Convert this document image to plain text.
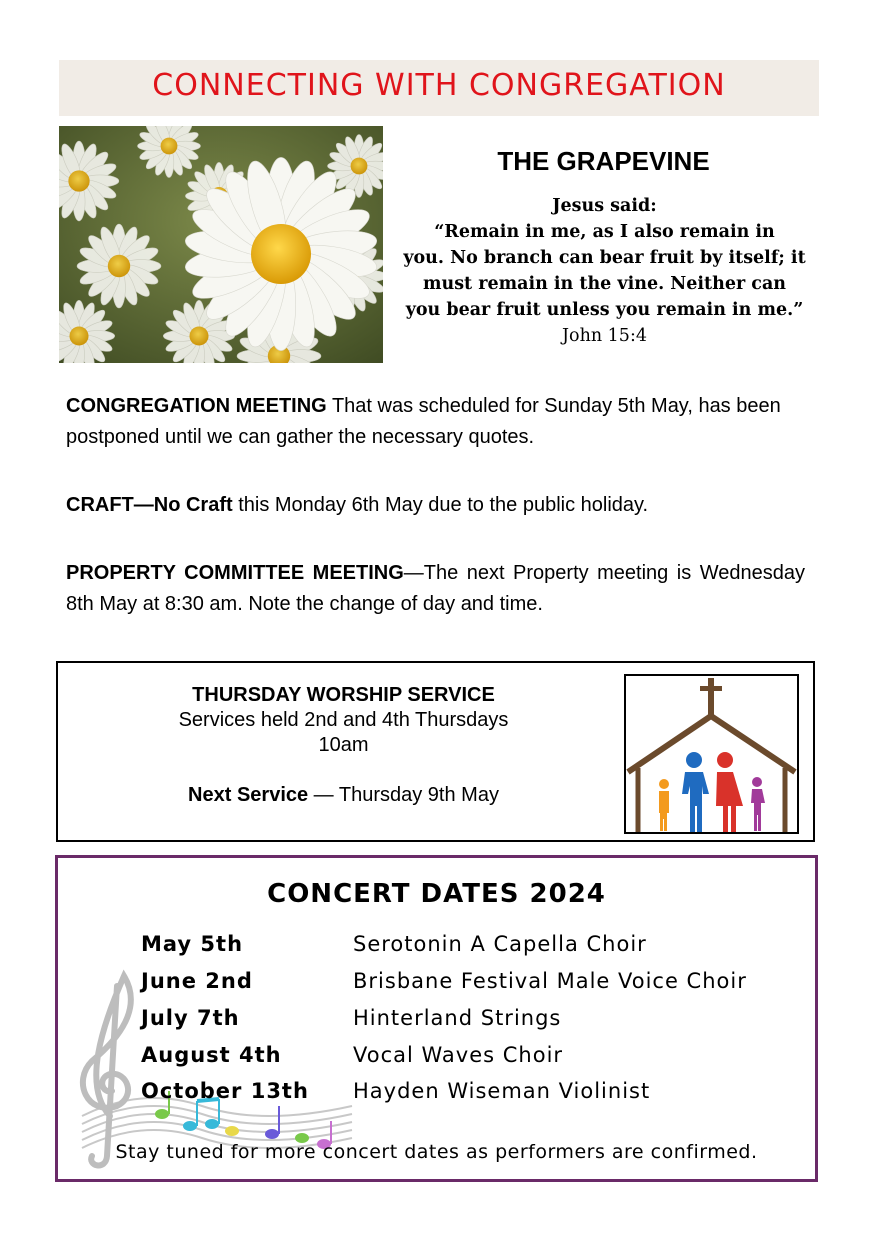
CONNECTING WITH CONGREGATION
THE GRAPEVINE
Jesus said:
“Remain in me, as I also remain in
you. No branch can bear fruit by itself; it
must remain in the vine. Neither can
you bear fruit unless you remain in me.”
John 15:4
CONGREGATION MEETING That was scheduled for Sunday 5th May, has been postponed until we can gather the necessary quotes.
CRAFT—No Craft this Monday 6th May due to the public holiday.
PROPERTY COMMITTEE MEETING—The next Property meeting is Wednesday 8th May at 8:30 am. Note the change of day and time.
THURSDAY WORSHIP SERVICE
Services held 2nd and 4th Thursdays
10am
Next Service — Thursday 9th May
CONCERT DATES 2024
May 5th	Serotonin A Capella Choir
June 2nd	Brisbane Festival Male Voice Choir
July 7th	Hinterland Strings
August 4th	Vocal Waves Choir
October 13th Hayden Wiseman Violinist
Stay tuned for more concert dates as performers are confirmed.
